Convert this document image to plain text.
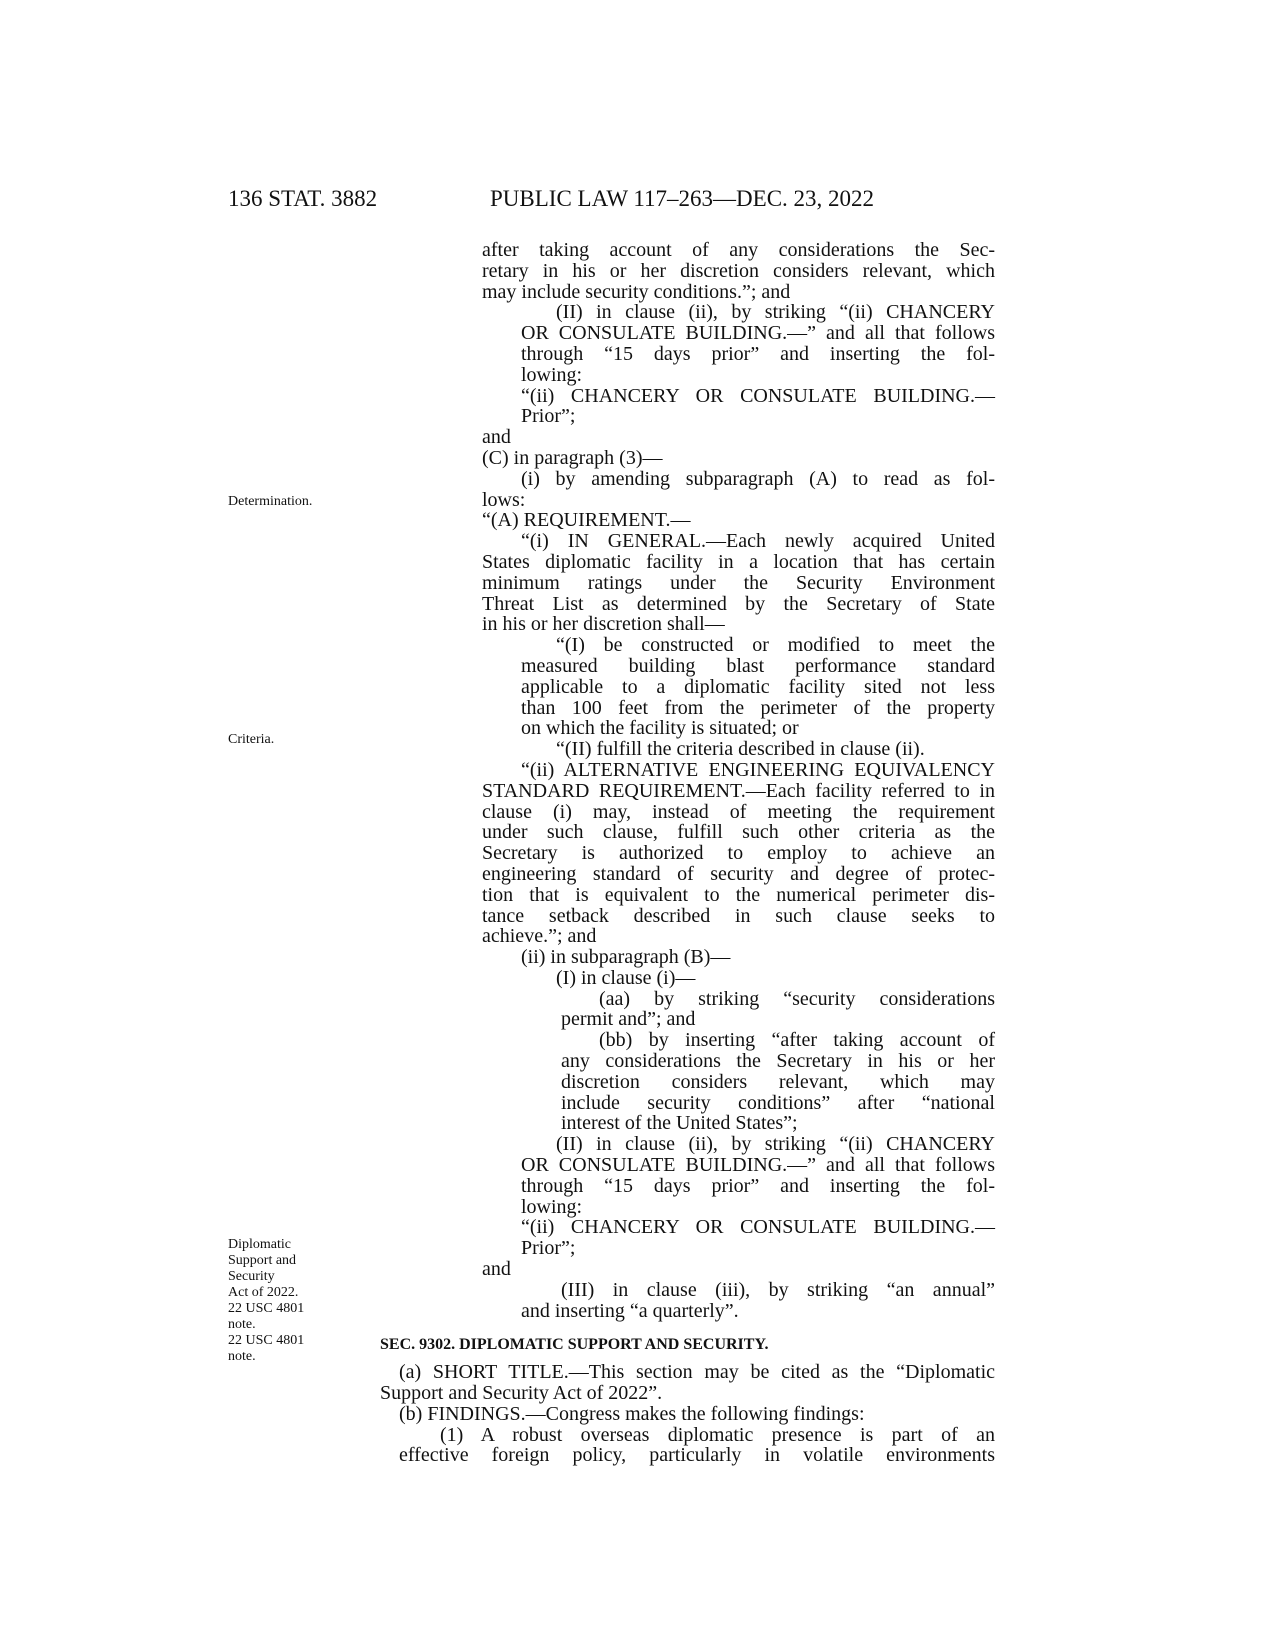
136 STAT. 3882	PUBLIC LAW 117–263—DEC. 23, 2022
Determination.
Criteria.
Diplomatic
Support and
Security
Act of 2022.
22 USC 4801
note.
22 USC 4801
note.
after taking account of any considerations the Sec-
retary in his or her discretion considers relevant, which
may include security conditions.”; and
(II) in clause (ii), by striking “(ii) CHANCERY
OR CONSULATE BUILDING.—” and all that follows
through “15 days prior” and inserting the fol-
lowing:
“(ii) CHANCERY OR CONSULATE BUILDING.—Prior”;
and
(C) in paragraph (3)—
(i) by amending subparagraph (A) to read as fol-
lows:
“(A) REQUIREMENT.—
“(i) IN GENERAL.—Each newly acquired United
States diplomatic facility in a location that has certain
minimum ratings under the Security Environment
Threat List as determined by the Secretary of State
in his or her discretion shall—
“(I) be constructed or modified to meet the
measured building blast performance standard
applicable to a diplomatic facility sited not less
than 100 feet from the perimeter of the property
on which the facility is situated; or
“(II) fulfill the criteria described in clause (ii).
“(ii) ALTERNATIVE ENGINEERING EQUIVALENCY
STANDARD REQUIREMENT.—Each facility referred to in
clause (i) may, instead of meeting the requirement
under such clause, fulfill such other criteria as the
Secretary is authorized to employ to achieve an
engineering standard of security and degree of protec-
tion that is equivalent to the numerical perimeter dis-
tance setback described in such clause seeks to
achieve.”; and
(ii) in subparagraph (B)—
(I) in clause (i)—
(aa) by striking “security considerations
permit and”; and
(bb) by inserting “after taking account of
any considerations the Secretary in his or her
discretion considers relevant, which may
include security conditions” after “national
interest of the United States”;
(II) in clause (ii), by striking “(ii) CHANCERY
OR CONSULATE BUILDING.—” and all that follows
through “15 days prior” and inserting the fol-
lowing:
“(ii) CHANCERY OR CONSULATE BUILDING.—Prior”;
and
(III) in clause (iii), by striking “an annual”
and inserting “a quarterly”.
SEC. 9302. DIPLOMATIC SUPPORT AND SECURITY.
(a) SHORT TITLE.—This section may be cited as the “Diplomatic
Support and Security Act of 2022”.
(b) FINDINGS.—Congress makes the following findings:
(1) A robust overseas diplomatic presence is part of an
effective foreign policy, particularly in volatile environments
